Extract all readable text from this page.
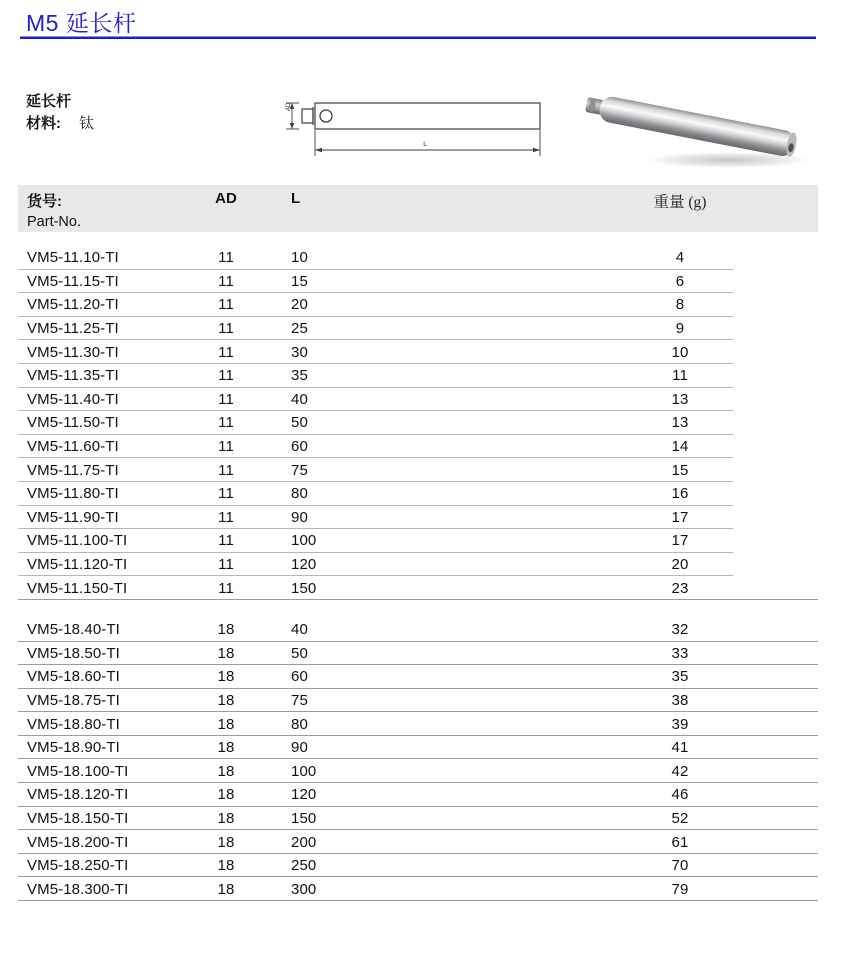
M5 延长杆
延长杆
材料: 钛
AD
L
货号:	AD	L	重量 (g)
Part-No.
VM5-11.10-TI	11	10	4
VM5-11.15-TI	11	15	6
VM5-11.20-TI	11	20	8
VM5-11.25-TI	11	25	9
VM5-11.30-TI	11	30	10
VM5-11.35-TI	11	35	11
VM5-11.40-TI	11	40	13
VM5-11.50-TI	11	50	13
VM5-11.60-TI	11	60	14
VM5-11.75-TI	11	75	15
VM5-11.80-TI	11	80	16
VM5-11.90-TI	11	90	17
VM5-11.100-TI	11	100	17
VM5-11.120-TI	11	120	20
VM5-11.150-TI	11	150	23
VM5-18.40-TI	18	40	32
VM5-18.50-TI	18	50	33
VM5-18.60-TI	18	60	35
VM5-18.75-TI	18	75	38
VM5-18.80-TI	18	80	39
VM5-18.90-TI	18	90	41
VM5-18.100-TI	18	100	42
VM5-18.120-TI	18	120	46
VM5-18.150-TI	18	150	52
VM5-18.200-TI	18	200	61
VM5-18.250-TI	18	250	70
VM5-18.300-TI	18	300	79
